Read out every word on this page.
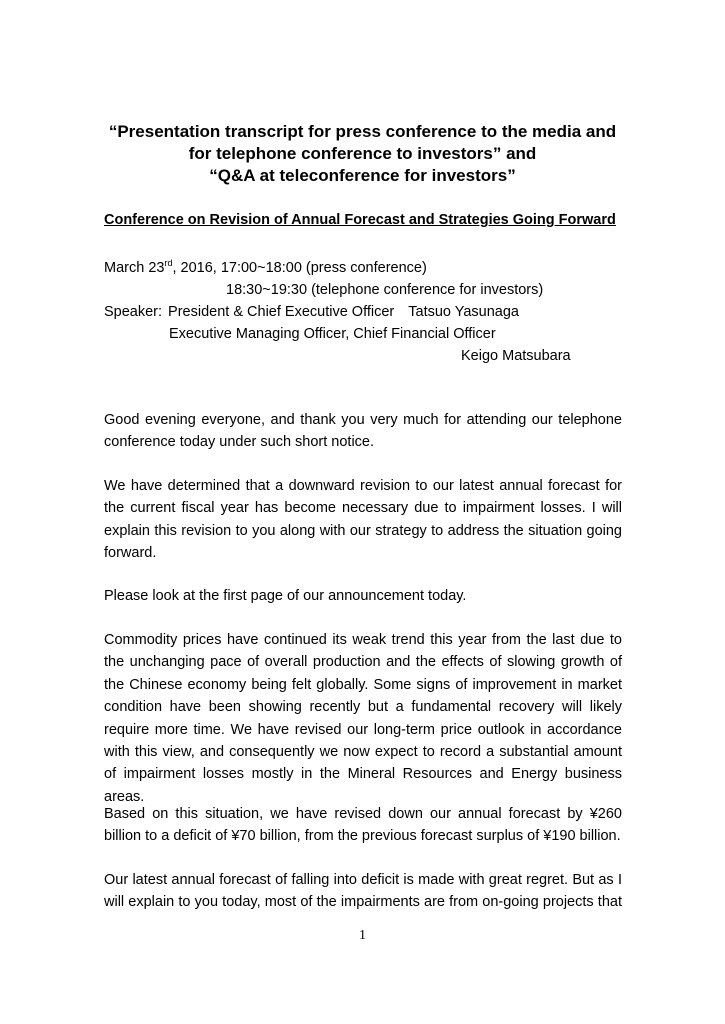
“Presentation transcript for press conference to the media and
for telephone conference to investors” and
“Q&A at teleconference for investors”
Conference on Revision of Annual Forecast and Strategies Going Forward
March 23rd, 2016, 17:00~18:00 (press conference)
18:30~19:30 (telephone conference for investors)
Speaker: President & Chief Executive Officer Tatsuo Yasunaga
Executive Managing Officer, Chief Financial Officer
Keigo Matsubara

Good evening everyone, and thank you very much for attending our telephone conference today under such short notice.

We have determined that a downward revision to our latest annual forecast for the current fiscal year has become necessary due to impairment losses. I will explain this revision to you along with our strategy to address the situation going forward.

Please look at the first page of our announcement today.

Commodity prices have continued its weak trend this year from the last due to the unchanging pace of overall production and the effects of slowing growth of the Chinese economy being felt globally. Some signs of improvement in market condition have been showing recently but a fundamental recovery will likely require more time. We have revised our long-term price outlook in accordance with this view, and consequently we now expect to record a substantial amount of impairment losses mostly in the Mineral Resources and Energy business areas.

Based on this situation, we have revised down our annual forecast by ¥260 billion to a deficit of ¥70 billion, from the previous forecast surplus of ¥190 billion.

Our latest annual forecast of falling into deficit is made with great regret. But as I will explain to you today, most of the impairments are from on-going projects that

1
